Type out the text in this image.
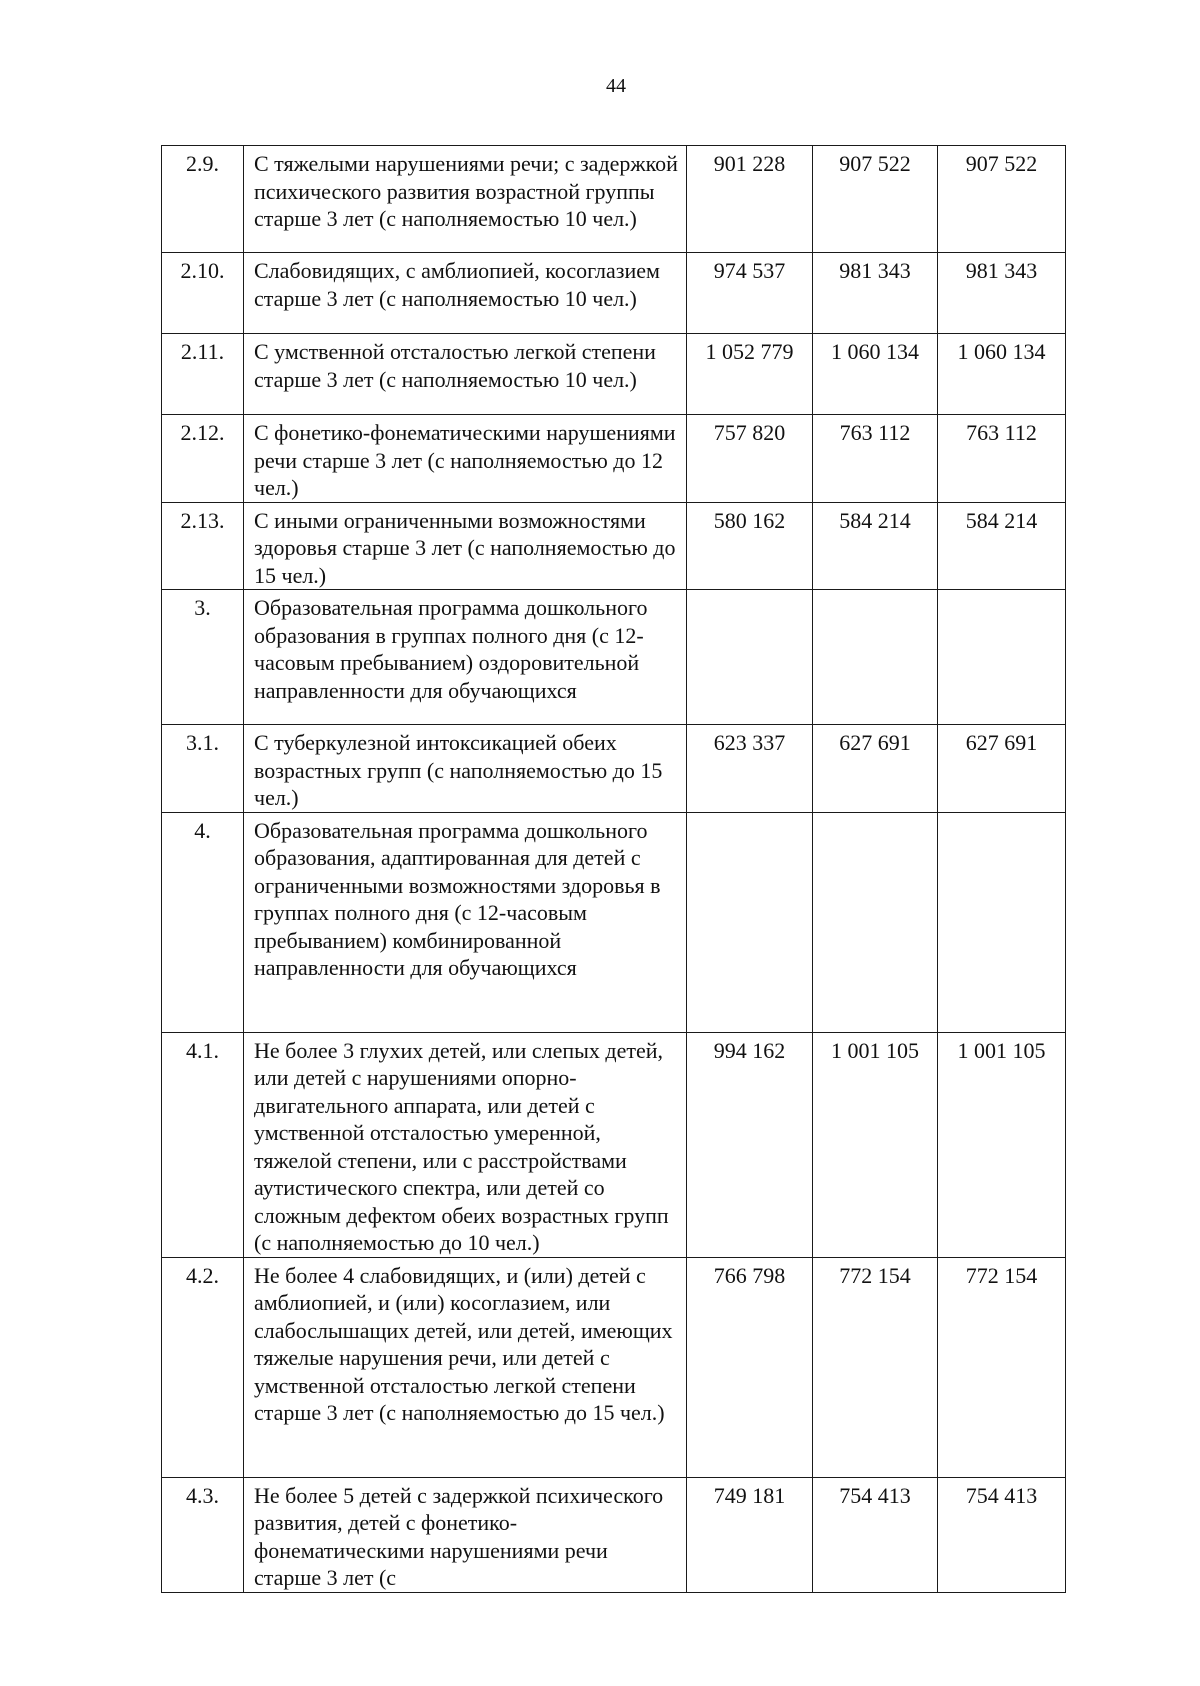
44
2.9.	С тяжелыми нарушениями речи; с задержкой психического развития возрастной группы старше 3 лет (с наполняемостью 10 чел.)	901 228	907 522	907 522
2.10.	Слабовидящих, с амблиопией, косоглазием старше 3 лет (с наполняемостью 10 чел.)	974 537	981 343	981 343
2.11.	С умственной отсталостью легкой степени старше 3 лет (с наполняемостью 10 чел.)	1 052 779	1 060 134	1 060 134
2.12.	С фонетико-фонематическими нарушениями речи старше 3 лет (с наполняемостью до 12 чел.)	757 820	763 112	763 112
2.13.	С иными ограниченными возможностями здоровья старше 3 лет (с наполняемостью до 15 чел.)	580 162	584 214	584 214
3.	Образовательная программа дошкольного образования в группах полного дня (с 12-часовым пребыванием) оздоровительной направленности для обучающихся			
3.1.	С туберкулезной интоксикацией обеих возрастных групп (с наполняемостью до 15 чел.)	623 337	627 691	627 691
4.	Образовательная программа дошкольного образования, адаптированная для детей с ограниченными возможностями здоровья в группах полного дня (с 12-часовым пребыванием) комбинированной направленности для обучающихся			
4.1.	Не более 3 глухих детей, или слепых детей, или детей с нарушениями опорно-двигательного аппарата, или детей с умственной отсталостью умеренной, тяжелой степени, или с расстройствами аутистического спектра, или детей со сложным дефектом обеих возрастных групп (с наполняемостью до 10 чел.)	994 162	1 001 105	1 001 105
4.2.	Не более 4 слабовидящих, и (или) детей с амблиопией, и (или) косоглазием, или слабослышащих детей, или детей, имеющих тяжелые нарушения речи, или детей с умственной отсталостью легкой степени старше 3 лет (с наполняемостью до 15 чел.)	766 798	772 154	772 154
4.3.	Не более 5 детей с задержкой психического развития, детей с фонетико-фонематическими нарушениями речи старше 3 лет (с	749 181	754 413	754 413
